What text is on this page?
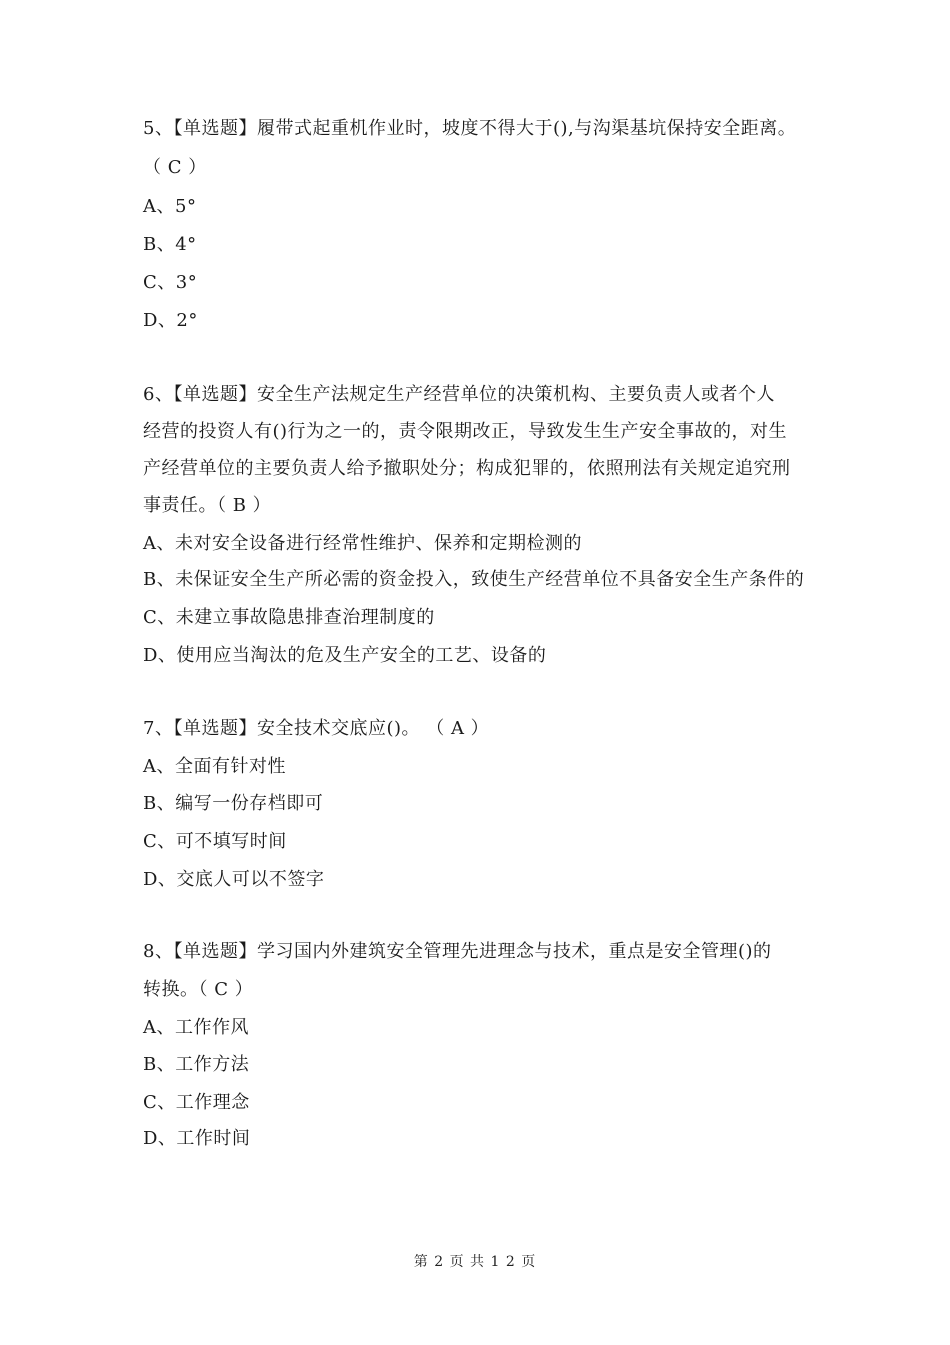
5、【单选题】履带式起重机作业时，坡度不得大于(),与沟渠基坑保持安全距离。
（ C ）
A、5°
B、4°
C、3°
D、2°
6、【单选题】安全生产法规定生产经营单位的决策机构、主要负责人或者个人
经营的投资人有()行为之一的，责令限期改正，导致发生生产安全事故的，对生
产经营单位的主要负责人给予撤职处分；构成犯罪的，依照刑法有关规定追究刑
事责任。（ B ）
A、未对安全设备进行经常性维护、保养和定期检测的
B、未保证安全生产所必需的资金投入，致使生产经营单位不具备安全生产条件的
C、未建立事故隐患排查治理制度的
D、使用应当淘汰的危及生产安全的工艺、设备的
7、【单选题】安全技术交底应()。 （ A ）
A、全面有针对性
B、编写一份存档即可
C、可不填写时间
D、交底人可以不签字
8、【单选题】学习国内外建筑安全管理先进理念与技术，重点是安全管理()的
转换。（ C ）
A、工作作风
B、工作方法
C、工作理念
D、工作时间
第 2 页 共 1 2 页
